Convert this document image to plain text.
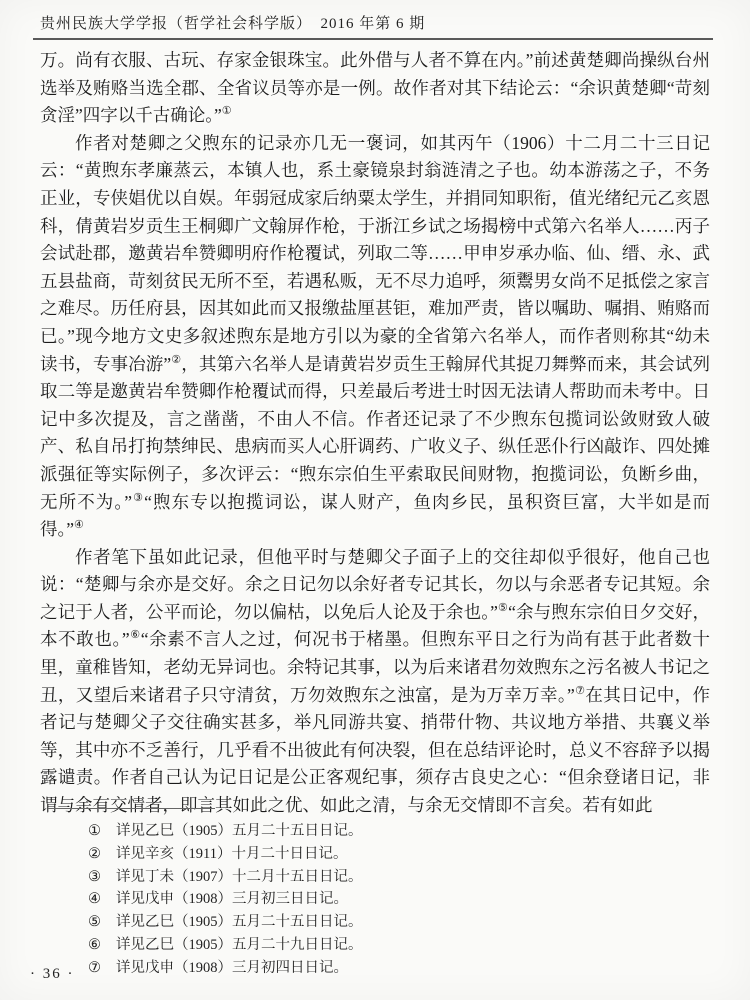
贵州民族大学学报（哲学社会科学版）　2016 年第 6 期

万。尚有衣服、古玩、存家金银珠宝。此外借与人者不算在内。”前述黄楚卿尚操纵台州选举及贿赂当选全郡、全省议员等亦是一例。故作者对其下结论云：“余识黄楚卿“苛刻贪淫”四字以千古确论。”①

作者对楚卿之父煦东的记录亦几无一褒词，如其丙午（1906）十二月二十三日记云：“黄煦东孝廉蒸云，本镇人也，系土豪镜泉封翁涟清之子也。幼本游荡之子，不务正业，专侠娼优以自娱。年弱冠成家后纳粟太学生，并捐同知职衔，值光绪纪元乙亥恩科，倩黄岩岁贡生王桐卿广文翰屏作枪，于浙江乡试之场揭榜中式第六名举人……丙子会试赴郡，邀黄岩牟赞卿明府作枪覆试，列取二等……甲申岁承办临、仙、缙、永、武五县盐商，苛刻贫民无所不至，若遇私贩，无不尽力追呼，须鬻男女尚不足抵偿之家言之难尽。历任府县，因其如此而又报缴盐厘甚钜，难加严责，皆以嘱助、嘱捐、贿赂而已。”现今地方文史多叙述煦东是地方引以为豪的全省第六名举人，而作者则称其“幼未读书，专事冶游”②，其第六名举人是请黄岩岁贡生王翰屏代其捉刀舞弊而来，其会试列取二等是邀黄岩牟赞卿作枪覆试而得，只差最后考进士时因无法请人帮助而未考中。日记中多次提及，言之凿凿，不由人不信。作者还记录了不少煦东包揽词讼敛财致人破产、私自吊打拘禁绅民、患病而买人心肝调药、广收义子、纵任恶仆行凶敲诈、四处摊派强征等实际例子，多次评云：“煦东宗伯生平索取民间财物，抱揽词讼，负断乡曲，无所不为。”③“煦东专以抱揽词讼，谋人财产，鱼肉乡民，虽积资巨富，大半如是而得。”④

作者笔下虽如此记录，但他平时与楚卿父子面子上的交往却似乎很好，他自己也说：“楚卿与余亦是交好。余之日记勿以余好者专记其长，勿以与余恶者专记其短。余之记于人者，公平而论，勿以偏枯，以免后人论及于余也。”⑤“余与煦东宗伯日夕交好，本不敢也。”⑥“余素不言人之过，何况书于楮墨。但煦东平日之行为尚有甚于此者数十里，童稚皆知，老幼无异词也。余特记其事，以为后来诸君勿效煦东之污名被人书记之丑，又望后来诸君子只守清贫，万勿效煦东之浊富，是为万幸万幸。”⑦在其日记中，作者记与楚卿父子交往确实甚多，举凡同游共宴、捎带什物、共议地方举措、共襄义举等，其中亦不乏善行，几乎看不出彼此有何决裂，但在总结评论时，总义不容辞予以揭露谴责。作者自己认为记日记是公正客观纪事，须存古良史之心：“但余登诸日记，非谓与余有交情者，即言其如此之优、如此之清，与余无交情即不言矣。若有如此

① 详见乙巳（1905）五月二十五日日记。
② 详见辛亥（1911）十月二十日日记。
③ 详见丁未（1907）十二月十五日日记。
④ 详见戊申（1908）三月初三日日记。
⑤ 详见乙巳（1905）五月二十五日日记。
⑥ 详见乙巳（1905）五月二十九日日记。
⑦ 详见戊申（1908）三月初四日日记。
· 36 ·
